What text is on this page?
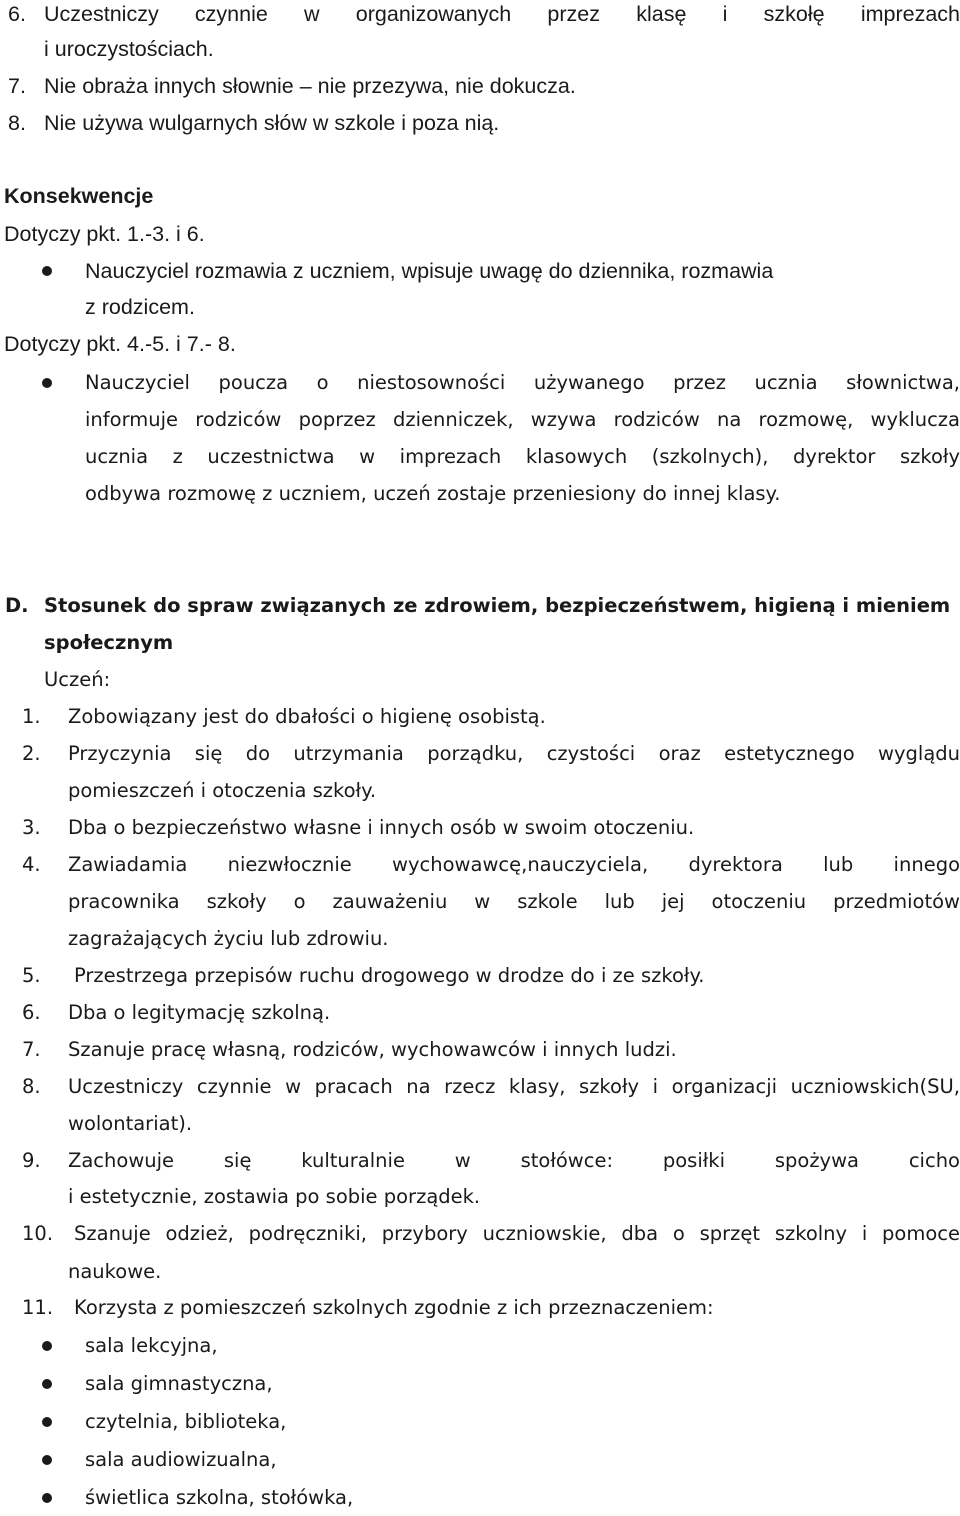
6. Uczestniczy czynnie w organizowanych przez klasę i szkołę imprezach
i uroczystościach.
7. Nie obraża innych słownie – nie przezywa, nie dokucza.
8. Nie używa wulgarnych słów w szkole i poza nią.
Konsekwencje
Dotyczy pkt. 1.-3. i 6.
Nauczyciel rozmawia z uczniem, wpisuje uwagę do dziennika, rozmawia
z rodzicem.
Dotyczy pkt. 4.-5. i 7.- 8.
Nauczyciel poucza o niestosowności używanego przez ucznia słownictwa,
informuje rodziców poprzez dzienniczek, wzywa rodziców na rozmowę, wyklucza
ucznia z uczestnictwa w imprezach klasowych (szkolnych), dyrektor szkoły
odbywa rozmowę z uczniem, uczeń zostaje przeniesiony do innej klasy.
D. Stosunek do spraw związanych ze zdrowiem, bezpieczeństwem, higieną i mieniem
społecznym
Uczeń:
1. Zobowiązany jest do dbałości o higienę osobistą.
2. Przyczynia się do utrzymania porządku, czystości oraz estetycznego wyglądu
pomieszczeń i otoczenia szkoły.
3. Dba o bezpieczeństwo własne i innych osób w swoim otoczeniu.
4. Zawiadamia niezwłocznie wychowawcę,nauczyciela, dyrektora lub innego
pracownika szkoły o zauważeniu w szkole lub jej otoczeniu przedmiotów
zagrażających życiu lub zdrowiu.
5. Przestrzega przepisów ruchu drogowego w drodze do i ze szkoły.
6. Dba o legitymację szkolną.
7. Szanuje pracę własną, rodziców, wychowawców i innych ludzi.
8. Uczestniczy czynnie w pracach na rzecz klasy, szkoły i organizacji uczniowskich(SU,
wolontariat).
9. Zachowuje się kulturalnie w stołówce: posiłki spożywa cicho
i estetycznie, zostawia po sobie porządek.
10. Szanuje odzież, podręczniki, przybory uczniowskie, dba o sprzęt szkolny i pomoce
naukowe.
11. Korzysta z pomieszczeń szkolnych zgodnie z ich przeznaczeniem:
sala lekcyjna,
sala gimnastyczna,
czytelnia, biblioteka,
sala audiowizualna,
świetlica szkolna, stołówka,
